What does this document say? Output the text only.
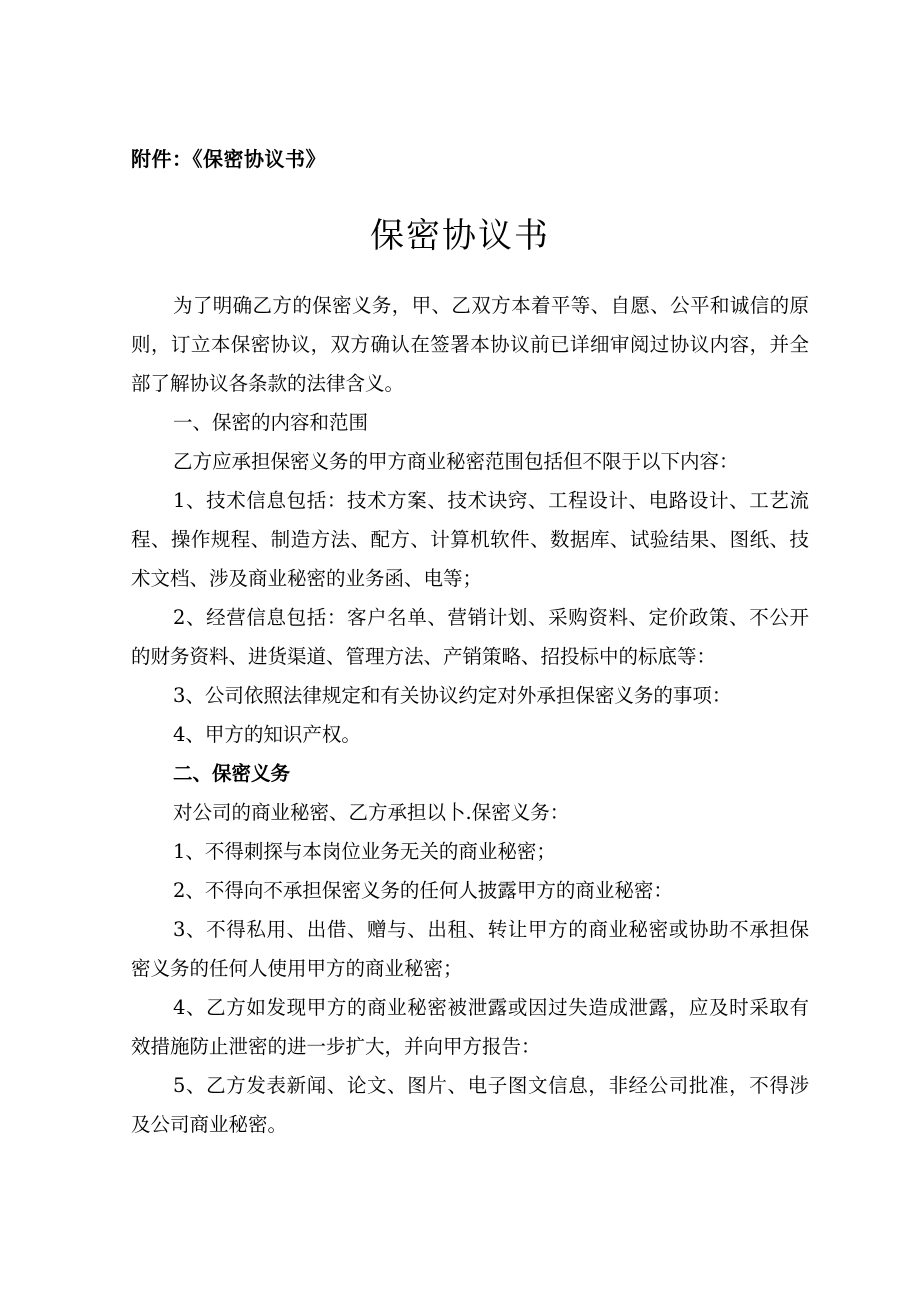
附件：《保密协议书》
保密协议书

为了明确乙方的保密义务，甲、乙双方本着平等、自愿、公平和诚信的原则，订立本保密协议，双方确认在签署本协议前已详细审阅过协议内容，并全部了解协议各条款的法律含义。

一、保密的内容和范围

乙方应承担保密义务的甲方商业秘密范围包括但不限于以下内容：

1、技术信息包括：技术方案、技术诀窍、工程设计、电路设计、工艺流程、操作规程、制造方法、配方、计算机软件、数据库、试验结果、图纸、技术文档、涉及商业秘密的业务函、电等；

2、经营信息包括：客户名单、营销计划、采购资料、定价政策、不公开的财务资料、进货渠道、管理方法、产销策略、招投标中的标底等：

3、公司依照法律规定和有关协议约定对外承担保密义务的事项：

4、甲方的知识产权。

二、保密义务

对公司的商业秘密、乙方承担以卜.保密义务：

1、不得刺探与本岗位业务无关的商业秘密；

2、不得向不承担保密义务的任何人披露甲方的商业秘密：

3、不得私用、出借、赠与、出租、转让甲方的商业秘密或协助不承担保密义务的任何人使用甲方的商业秘密；

4、乙方如发现甲方的商业秘密被泄露或因过失造成泄露，应及时采取有效措施防止泄密的进一步扩大，并向甲方报告：

5、乙方发表新闻、论文、图片、电子图文信息，非经公司批准，不得涉及公司商业秘密。
